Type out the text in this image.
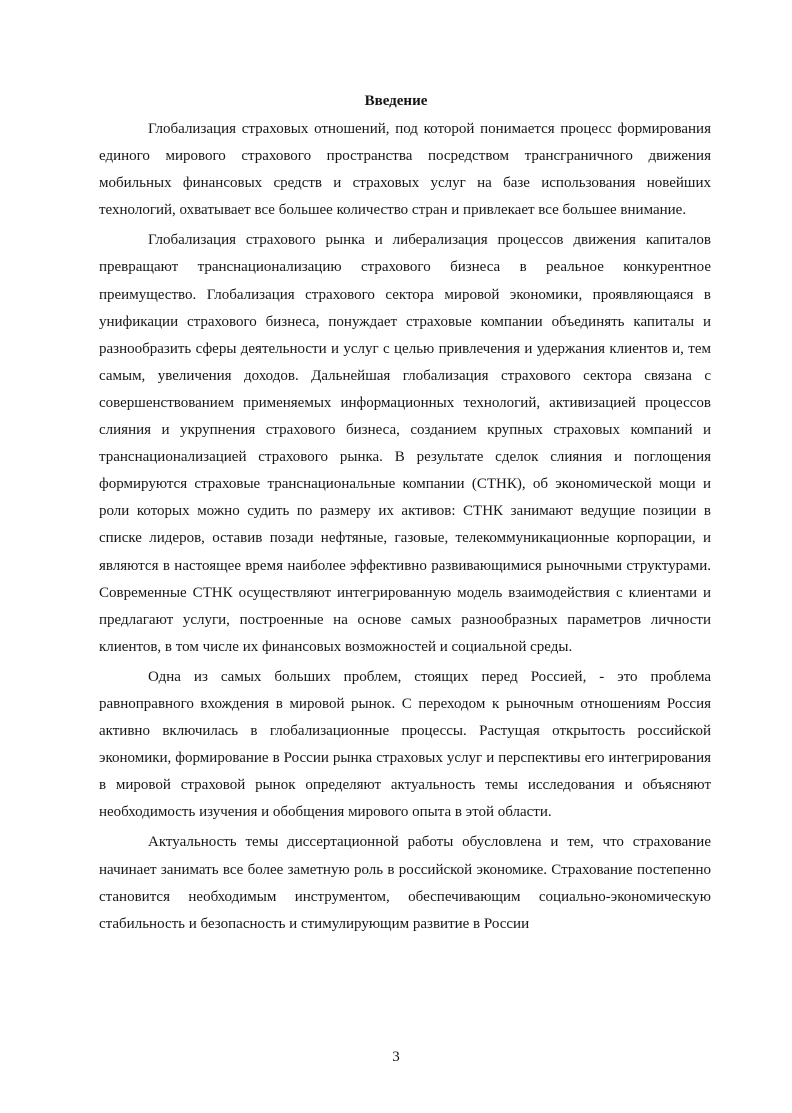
Введение

Глобализация страховых отношений, под которой понимается процесс формирования единого мирового страхового пространства посредством трансграничного движения мобильных финансовых средств и страховых услуг на базе использования новейших технологий, охватывает все большее количество стран и привлекает все большее внимание.

Глобализация страхового рынка и либерализация процессов движения капиталов превращают транснационализацию страхового бизнеса в реальное конкурентное преимущество. Глобализация страхового сектора мировой экономики, проявляющаяся в унификации страхового бизнеса, понуждает страховые компании объединять капиталы и разнообразить сферы деятельности и услуг с целью привлечения и удержания клиентов и, тем самым, увеличения доходов. Дальнейшая глобализация страхового сектора связана с совершенствованием применяемых информационных технологий, активизацией процессов слияния и укрупнения страхового бизнеса, созданием крупных страховых компаний и транснационализацией страхового рынка. В результате сделок слияния и поглощения формируются страховые транснациональные компании (СТНК), об экономической мощи и роли которых можно судить по размеру их активов: СТНК занимают ведущие позиции в списке лидеров, оставив позади нефтяные, газовые, телекоммуникационные корпорации, и являются в настоящее время наиболее эффективно развивающимися рыночными структурами. Современные СТНК осуществляют интегрированную модель взаимодействия с клиентами и предлагают услуги, построенные на основе самых разнообразных параметров личности клиентов, в том числе их финансовых возможностей и социальной среды.

Одна из самых больших проблем, стоящих перед Россией, - это проблема равноправного вхождения в мировой рынок. С переходом к рыночным отношениям Россия активно включилась в глобализационные процессы. Растущая открытость российской экономики, формирование в России рынка страховых услуг и перспективы его интегрирования в мировой страховой рынок определяют актуальность темы исследования и объясняют необходимость изучения и обобщения мирового опыта в этой области.

Актуальность темы диссертационной работы обусловлена и тем, что страхование начинает занимать все более заметную роль в российской экономике. Страхование постепенно становится необходимым инструментом, обеспечивающим социально-экономическую стабильность и безопасность и стимулирующим развитие в России

3
